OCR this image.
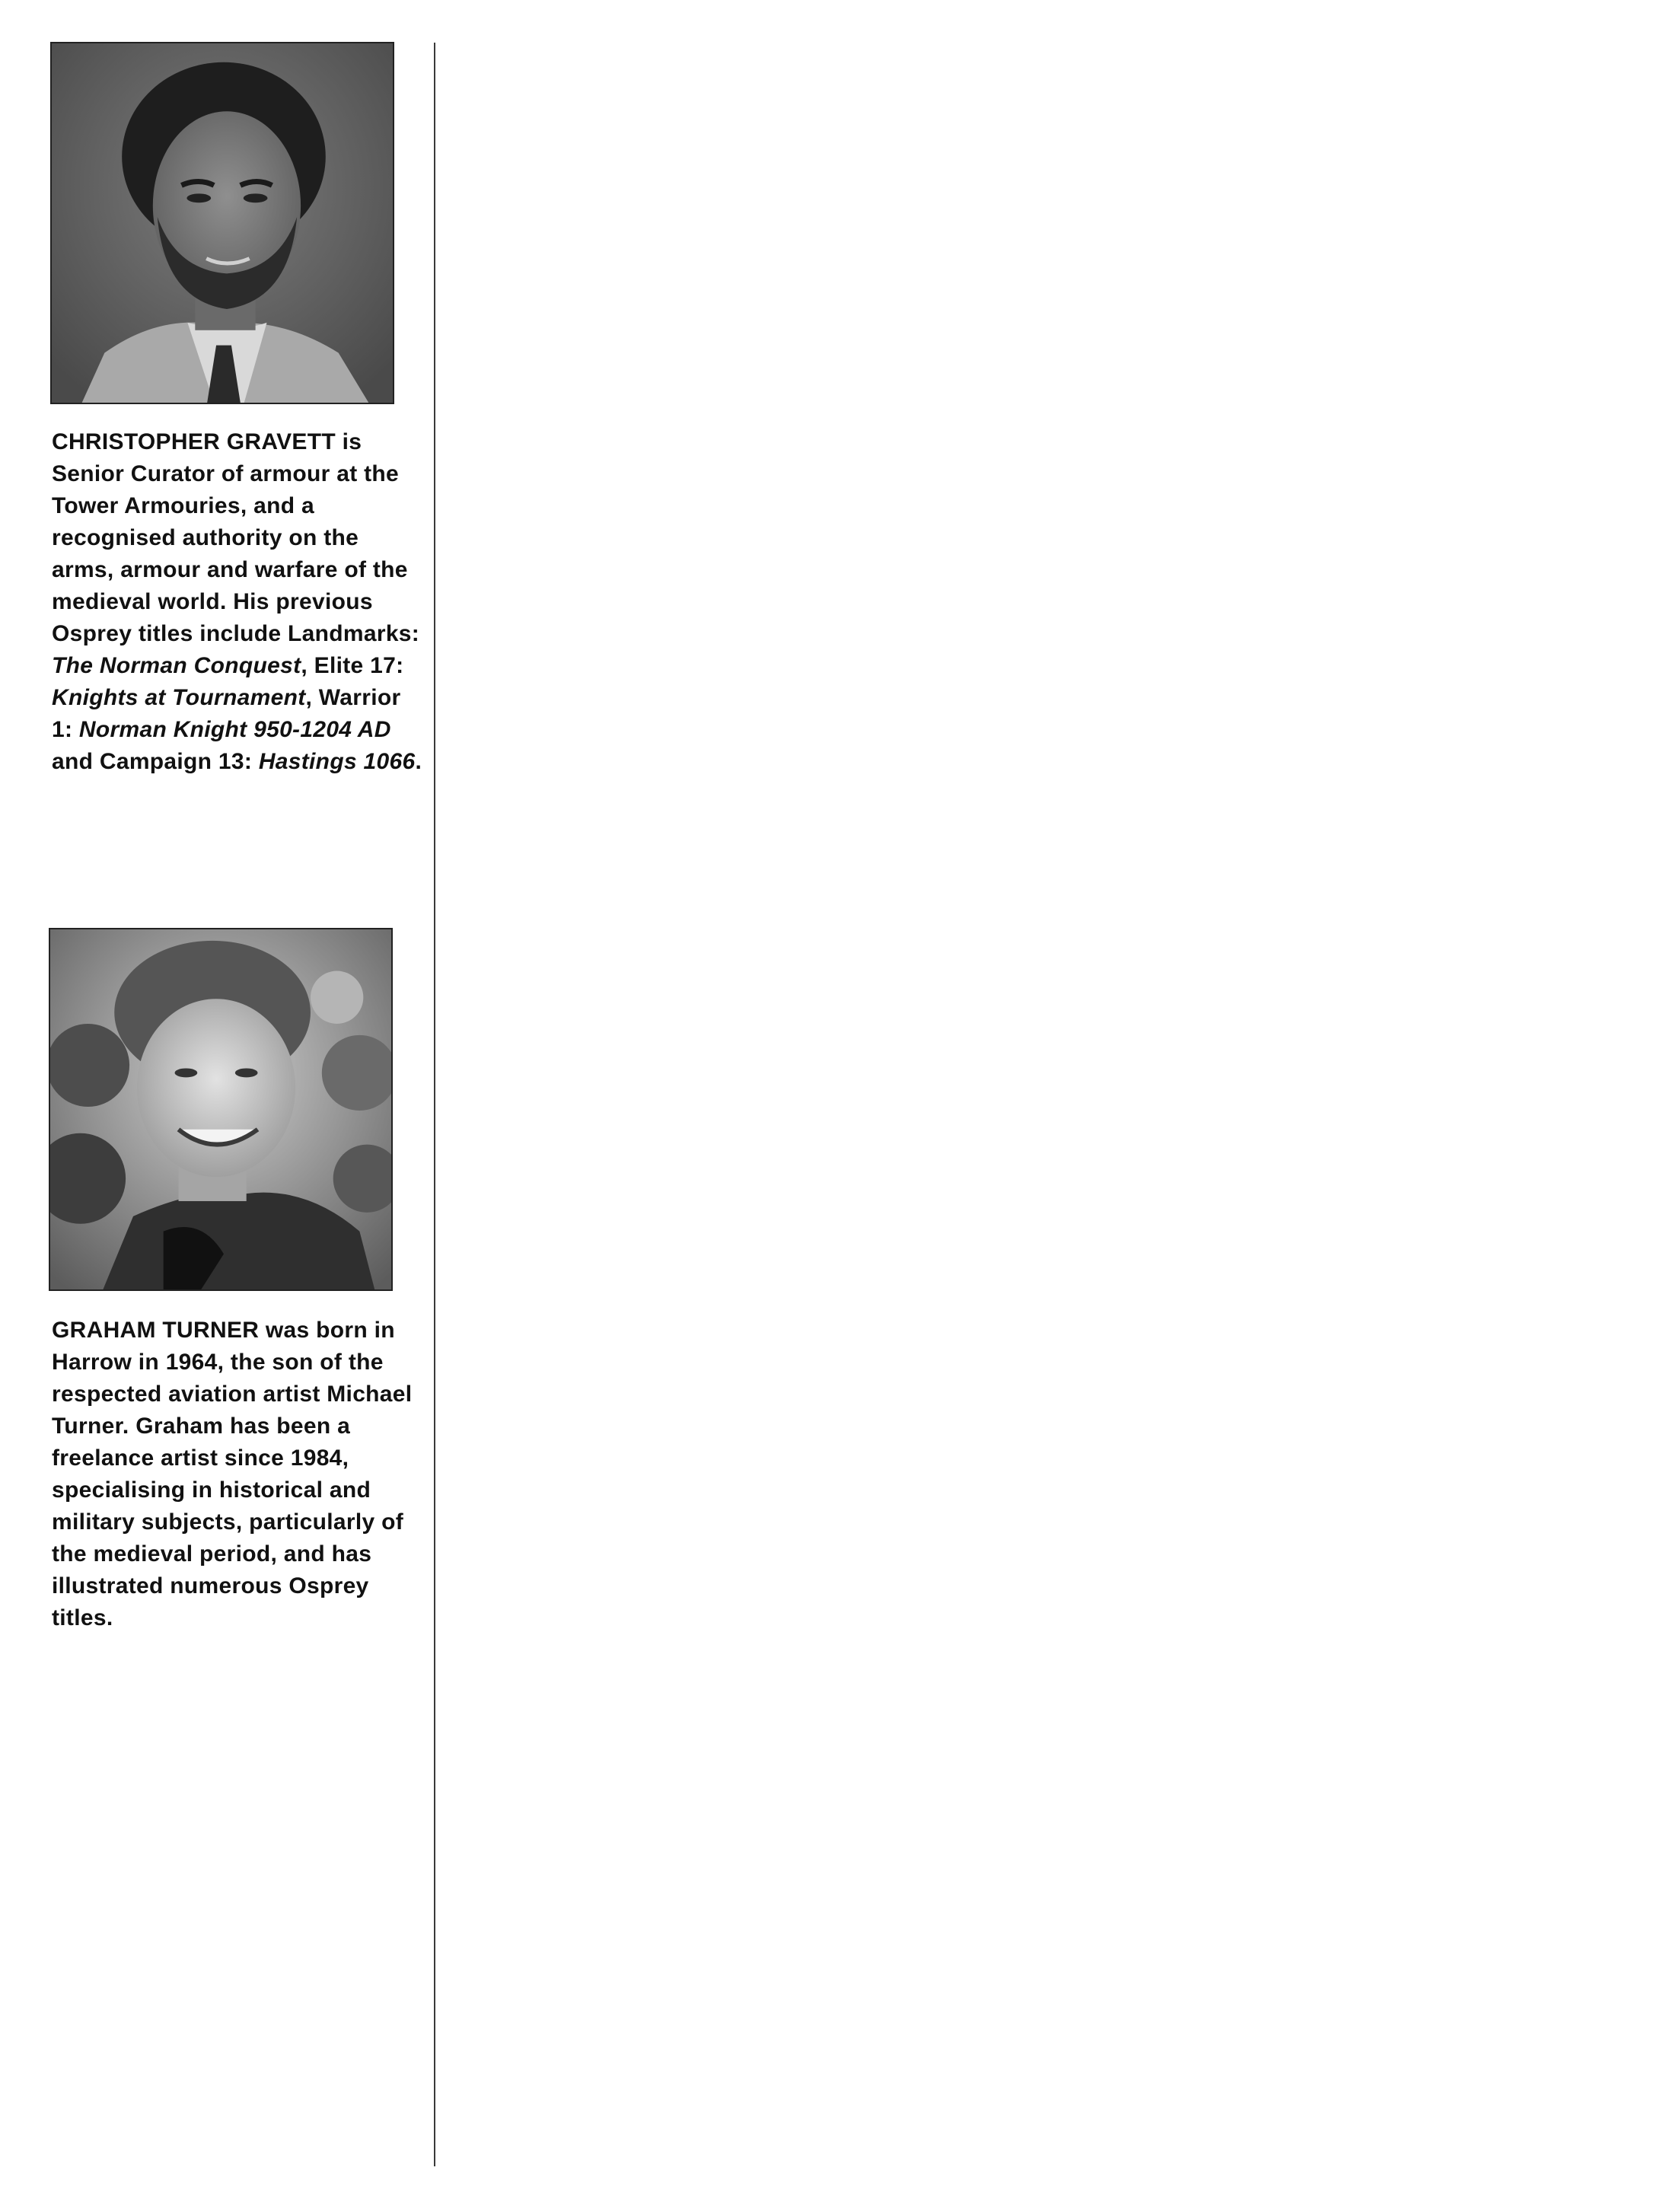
CHRISTOPHER GRAVETT is Senior Curator of armour at the Tower Armouries, and a recognised authority on the arms, armour and warfare of the medieval world. His previous Osprey titles include Landmarks: The Norman Conquest, Elite 17: Knights at Tournament, Warrior 1: Norman Knight 950-1204 AD and Campaign 13: Hastings 1066.
GRAHAM TURNER was born in Harrow in 1964, the son of the respected aviation artist Michael Turner. Graham has been a freelance artist since 1984, specialising in historical and military subjects, particularly of the medieval period, and has illustrated numerous Osprey titles.
